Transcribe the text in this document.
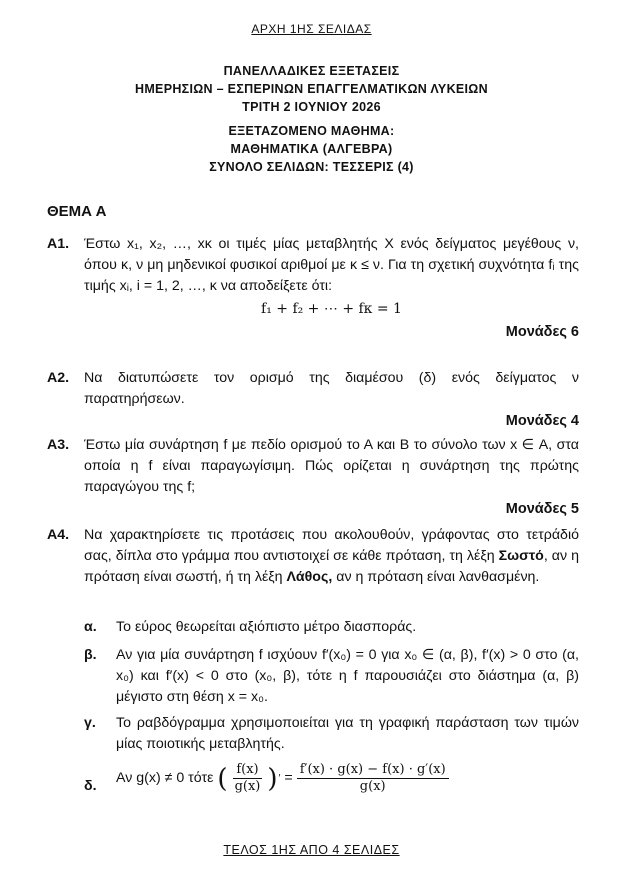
ΑΡΧΗ 1ΗΣ ΣΕΛΙΔΑΣ
ΠΑΝΕΛΛΑΔΙΚΕΣ ΕΞΕΤΑΣΕΙΣ
ΗΜΕΡΗΣΙΩΝ – ΕΣΠΕΡΙΝΩΝ ΕΠΑΓΓΕΛΜΑΤΙΚΩΝ ΛΥΚΕΙΩΝ
ΤΡΙΤΗ 2 ΙΟΥΝΙΟΥ 2026
ΕΞΕΤΑΖΟΜΕΝΟ ΜΑΘΗΜΑ:
ΜΑΘΗΜΑΤΙΚΑ (ΑΛΓΕΒΡΑ)
ΣΥΝΟΛΟ ΣΕΛΙΔΩΝ: ΤΕΣΣΕΡΙΣ (4)
ΘΕΜΑ Α
Α1. Έστω x₁, x₂, …, xκ οι τιμές μίας μεταβλητής Χ ενός δείγματος μεγέθους ν, όπου κ, ν μη μηδενικοί φυσικοί αριθμοί με κ ≤ ν. Για τη σχετική συχνότητα fᵢ της τιμής xᵢ, i = 1, 2, …, κ να αποδείξετε ότι:
f₁ + f₂ + ⋯ + fκ = 1
Μονάδες 6
Α2. Να διατυπώσετε τον ορισμό της διαμέσου (δ) ενός δείγματος ν παρατηρήσεων.
Μονάδες 4
Α3. Έστω μία συνάρτηση f με πεδίο ορισμού το Α και Β το σύνολο των x ∈ Α, στα οποία η f είναι παραγωγίσιμη. Πώς ορίζεται η συνάρτηση της πρώτης παραγώγου της f;
Μονάδες 5
Α4. Να χαρακτηρίσετε τις προτάσεις που ακολουθούν, γράφοντας στο τετράδιό σας, δίπλα στο γράμμα που αντιστοιχεί σε κάθε πρόταση, τη λέξη Σωστό, αν η πρόταση είναι σωστή, ή τη λέξη Λάθος, αν η πρόταση είναι λανθασμένη.
α. Το εύρος θεωρείται αξιόπιστο μέτρο διασποράς.
β. Αν για μία συνάρτηση f ισχύουν f′(x₀) = 0 για x₀ ∈ (α, β), f′(x) > 0 στο (α, x₀) και f′(x) < 0 στο (x₀, β), τότε η f παρουσιάζει στο διάστημα (α, β) μέγιστο στη θέση x = x₀.
γ. Το ραβδόγραμμα χρησιμοποιείται για τη γραφική παράσταση των τιμών μίας ποιοτικής μεταβλητής.
δ. Αν g(x) ≠ 0 τότε ( $\frac{f(x)}{g(x)}$ ) ′ = $\frac{f'(x) \cdot g(x) - f(x) \cdot g'(x)}{g(x)}$
ΤΕΛΟΣ 1ΗΣ ΑΠΟ 4 ΣΕΛΙΔΕΣ
